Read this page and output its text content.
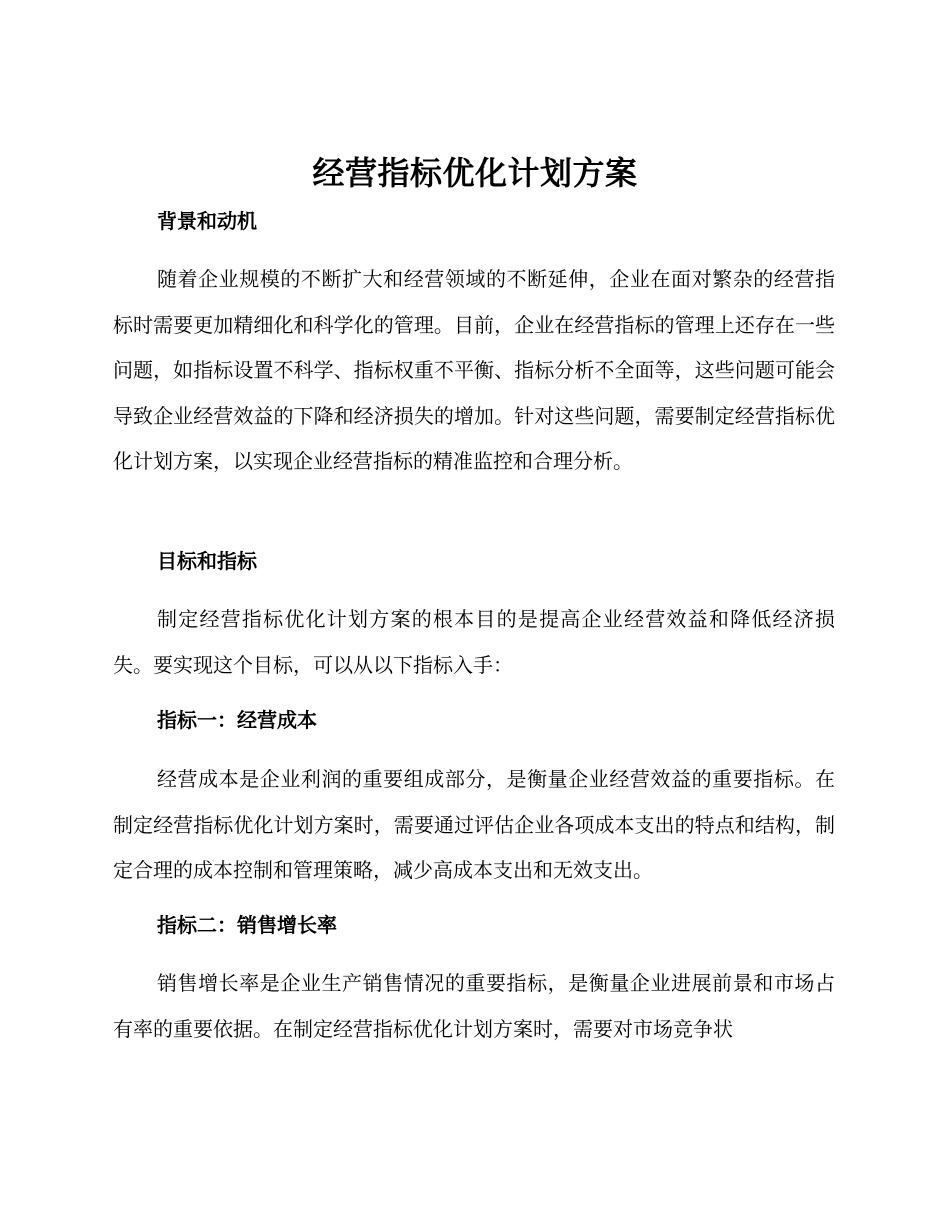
经营指标优化计划方案
背景和动机

随着企业规模的不断扩大和经营领域的不断延伸，企业在面对繁杂的经营指标时需要更加精细化和科学化的管理。目前，企业在经营指标的管理上还存在一些问题，如指标设置不科学、指标权重不平衡、指标分析不全面等，这些问题可能会导致企业经营效益的下降和经济损失的增加。针对这些问题，需要制定经营指标优化计划方案，以实现企业经营指标的精准监控和合理分析。

目标和指标

制定经营指标优化计划方案的根本目的是提高企业经营效益和降低经济损失。要实现这个目标，可以从以下指标入手：

指标一：经营成本

经营成本是企业利润的重要组成部分，是衡量企业经营效益的重要指标。在制定经营指标优化计划方案时，需要通过评估企业各项成本支出的特点和结构，制定合理的成本控制和管理策略，减少高成本支出和无效支出。

指标二：销售增长率

销售增长率是企业生产销售情况的重要指标，是衡量企业进展前景和市场占有率的重要依据。在制定经营指标优化计划方案时，需要对市场竞争状
